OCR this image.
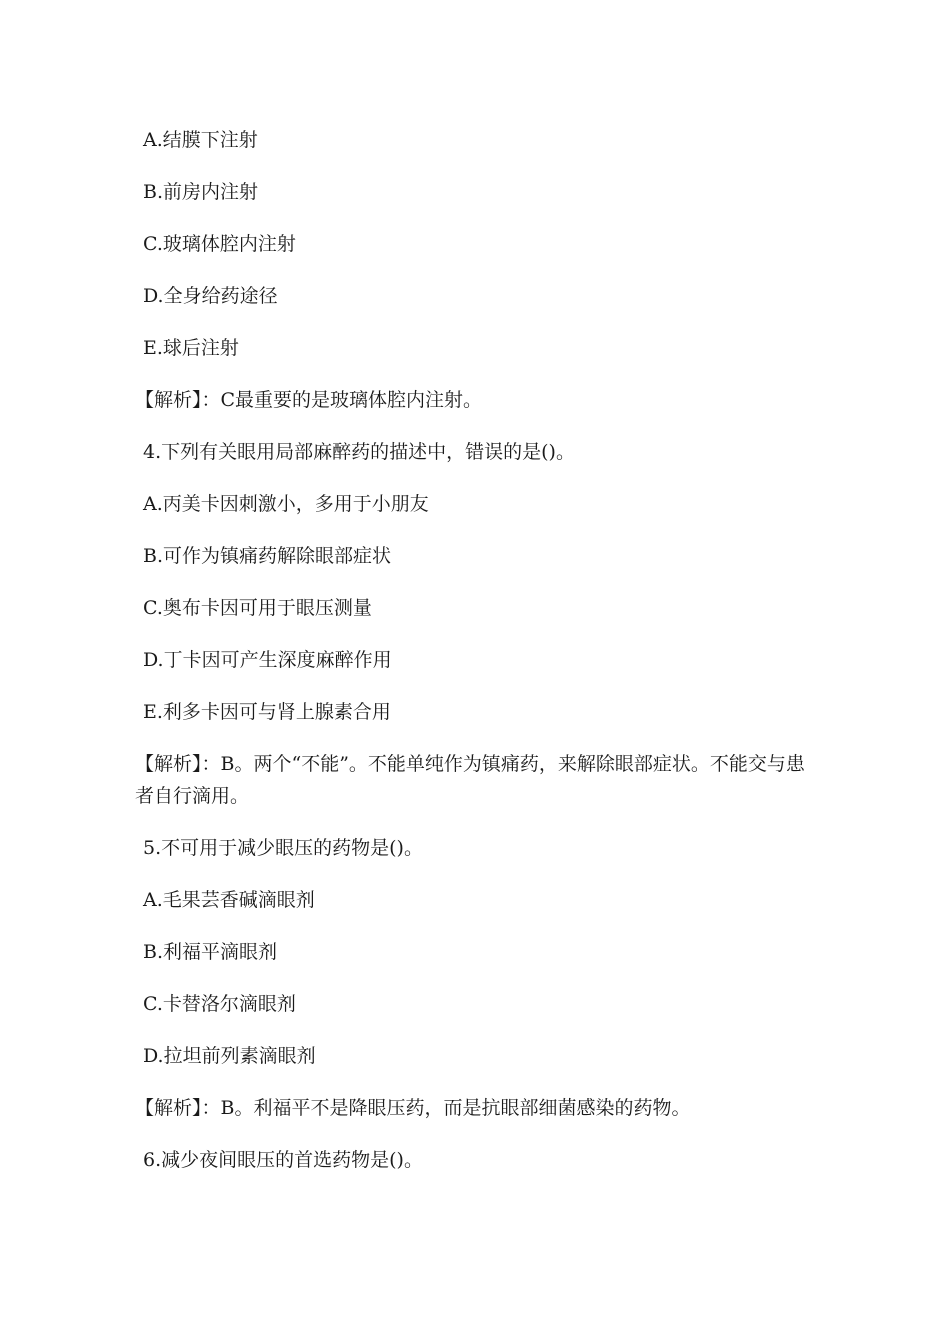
A.结膜下注射
B.前房内注射
C.玻璃体腔内注射
D.全身给药途径
E.球后注射
【解析】：C最重要的是玻璃体腔内注射。
4.下列有关眼用局部麻醉药的描述中，错误的是()。
A.丙美卡因刺激小，多用于小朋友
B.可作为镇痛药解除眼部症状
C.奥布卡因可用于眼压测量
D.丁卡因可产生深度麻醉作用
E.利多卡因可与肾上腺素合用
【解析】：B。两个“不能”。不能单纯作为镇痛药，来解除眼部症状。不能交与患者自行滴用。
5.不可用于减少眼压的药物是()。
A.毛果芸香碱滴眼剂
B.利福平滴眼剂
C.卡替洛尔滴眼剂
D.拉坦前列素滴眼剂
【解析】：B。利福平不是降眼压药，而是抗眼部细菌感染的药物。
6.减少夜间眼压的首选药物是()。
